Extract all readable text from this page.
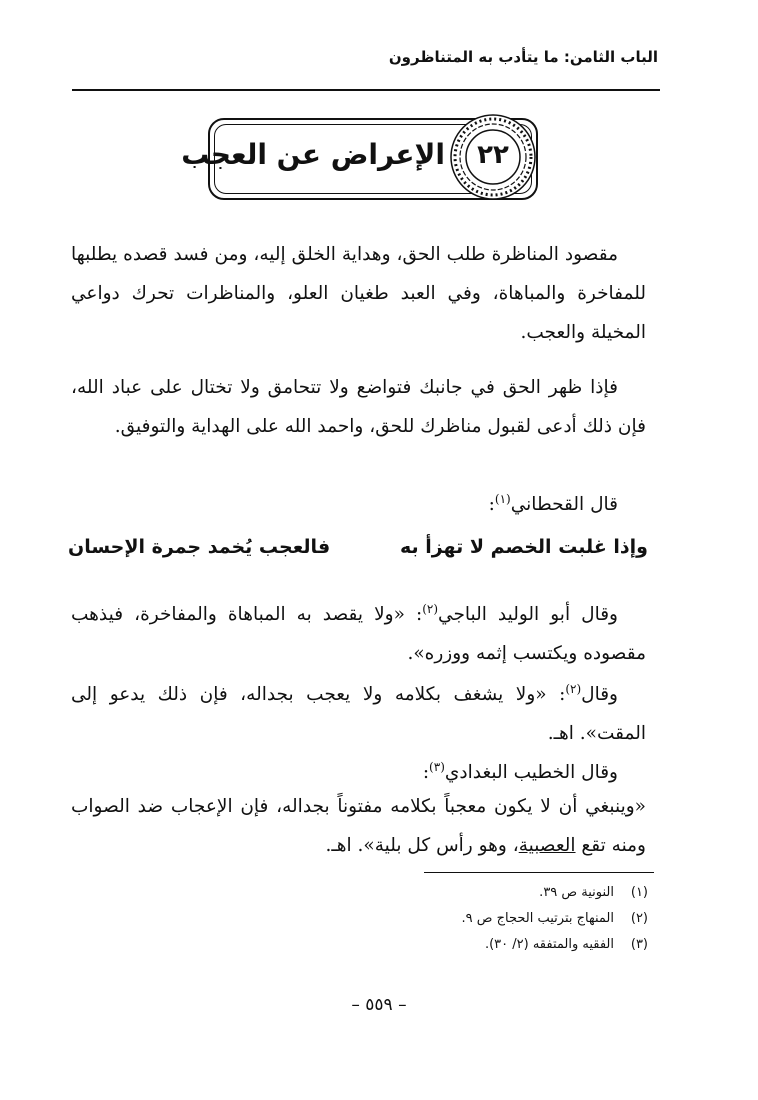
الباب الثامن: ما يتأدب به المتناظرون
الإعراض عن العجب	٢٢

مقصود المناظرة طلب الحق، وهداية الخلق إليه، ومن فسد قصده يطلبها للمفاخرة والمباهاة، وفي العبد طغيان العلو، والمناظرات تحرك دواعي المخيلة والعجب.

فإذا ظهر الحق في جانبك فتواضع ولا تتحامق ولا تختال على عباد الله، فإن ذلك أدعى لقبول مناظرك للحق، واحمد الله على الهداية والتوفيق.

قال القحطاني$^{(١)}$:
وإذا غلبت الخصم لا تهزأ به
فالعجب يُخمد جمرة الإحسان

وقال أبو الوليد الباجي$^{(٢)}$: «ولا يقصد به المباهاة والمفاخرة، فيذهب مقصوده ويكتسب إثمه ووزره».

وقال$^{(٢)}$: «ولا يشغف بكلامه ولا يعجب بجداله، فإن ذلك يدعو إلى المقت». اهـ.

وقال الخطيب البغدادي$^{(٣)}$:

«وينبغي أن لا يكون معجباً بكلامه مفتوناً بجداله، فإن الإعجاب ضد الصواب ومنه تقع العصبية، وهو رأس كل بلية». اهـ.

(١)
النونية ص ٣٩.
(٢)
المنهاج بترتيب الحجاج ص ٩.
(٣)
الفقيه والمتفقه (٢/ ٣٠).
– ٥٥٩ –
